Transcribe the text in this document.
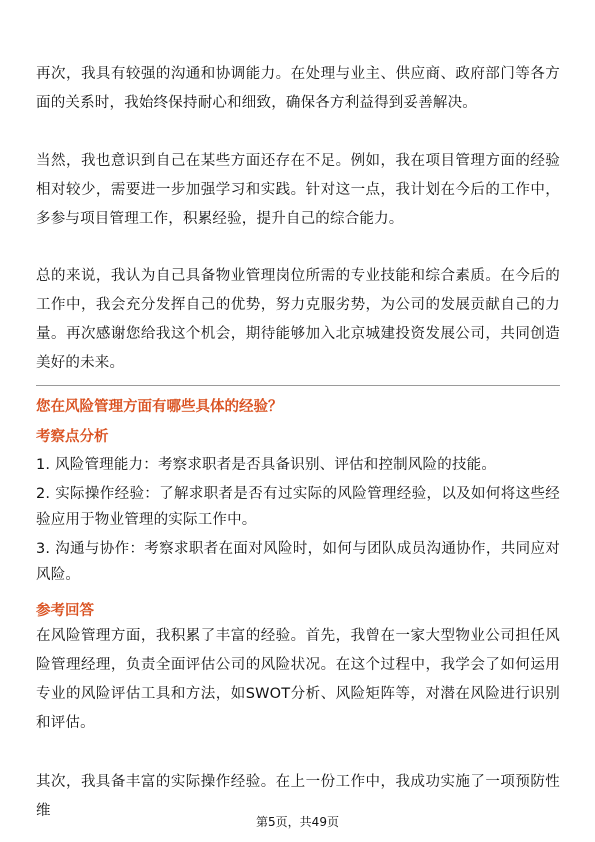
再次，我具有较强的沟通和协调能力。在处理与业主、供应商、政府部门等各方面的关系时，我始终保持耐心和细致，确保各方利益得到妥善解决。

当然，我也意识到自己在某些方面还存在不足。例如，我在项目管理方面的经验相对较少，需要进一步加强学习和实践。针对这一点，我计划在今后的工作中，多参与项目管理工作，积累经验，提升自己的综合能力。

总的来说，我认为自己具备物业管理岗位所需的专业技能和综合素质。在今后的工作中，我会充分发挥自己的优势，努力克服劣势，为公司的发展贡献自己的力量。再次感谢您给我这个机会，期待能够加入北京城建投资发展公司，共同创造美好的未来。

您在风险管理方面有哪些具体的经验？

考察点分析

1. 风险管理能力：考察求职者是否具备识别、评估和控制风险的技能。

2. 实际操作经验：了解求职者是否有过实际的风险管理经验，以及如何将这些经验应用于物业管理的实际工作中。

3. 沟通与协作：考察求职者在面对风险时，如何与团队成员沟通协作，共同应对风险。

参考回答

在风险管理方面，我积累了丰富的经验。首先，我曾在一家大型物业公司担任风险管理经理，负责全面评估公司的风险状况。在这个过程中，我学会了如何运用专业的风险评估工具和方法，如SWOT分析、风险矩阵等，对潜在风险进行识别和评估。

其次，我具备丰富的实际操作经验。在上一份工作中，我成功实施了一项预防性维

第5页，共49页
